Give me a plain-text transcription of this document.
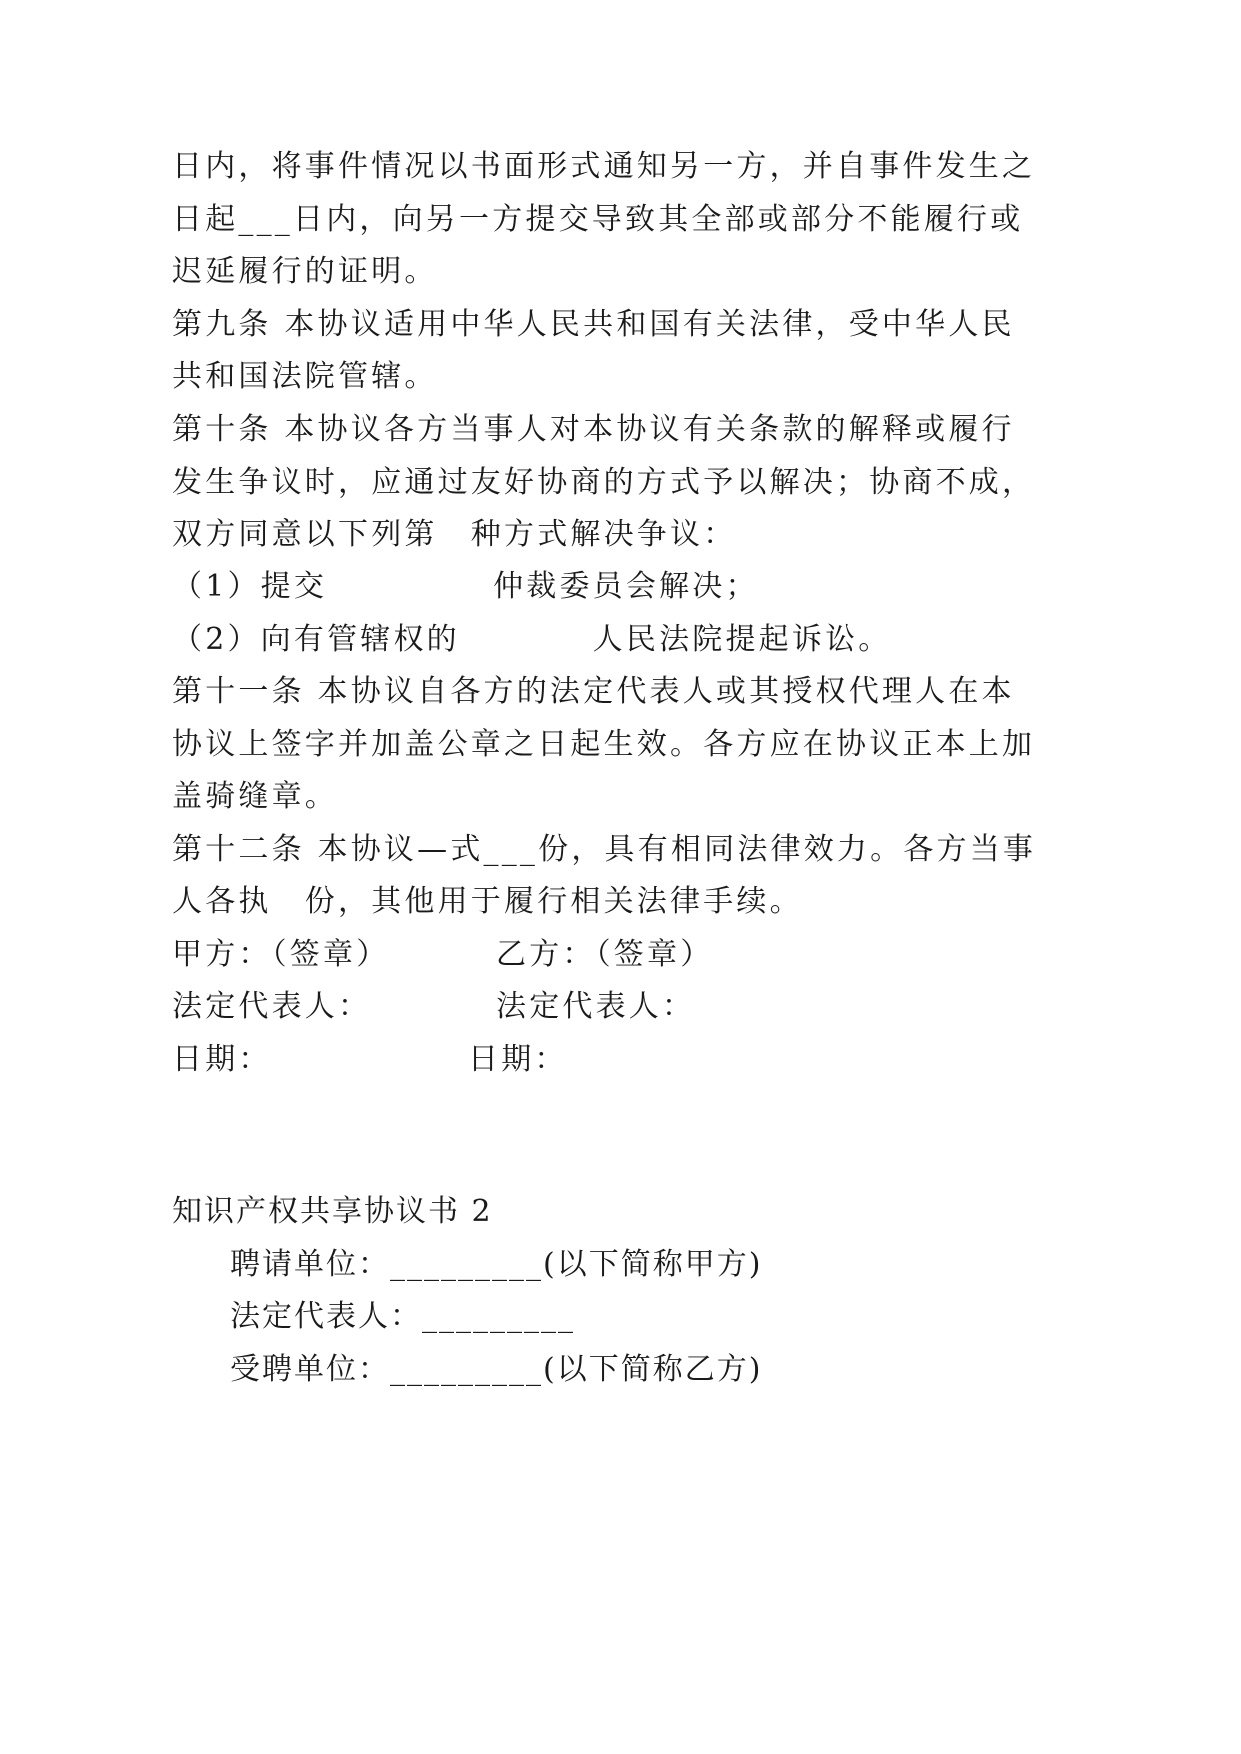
日内，将事件情况以书面形式通知另一方，并自事件发生之
日起___日内，向另一方提交导致其全部或部分不能履行或
迟延履行的证明。
第九条 本协议适用中华人民共和国有关法律，受中华人民
共和国法院管辖。
第十条 本协议各方当事人对本协议有关条款的解释或履行
发生争议时，应通过友好协商的方式予以解决；协商不成，
双方同意以下列第　种方式解决争议：
（1）提交　　　　　仲裁委员会解决；
（2）向有管辖权的　　　　人民法院提起诉讼。
第十一条 本协议自各方的法定代表人或其授权代理人在本
协议上签字并加盖公章之日起生效。各方应在协议正本上加
盖骑缝章。
第十二条 本协议—式___份，具有相同法律效力。各方当事
人各执　份，其他用于履行相关法律手续。
甲方：（签章）	乙方：（签章）
法定代表人：	法定代表人：
日期：	日期：
知识产权共享协议书 2
聘请单位：_________(以下简称甲方)
法定代表人：_________
受聘单位：_________(以下简称乙方)
